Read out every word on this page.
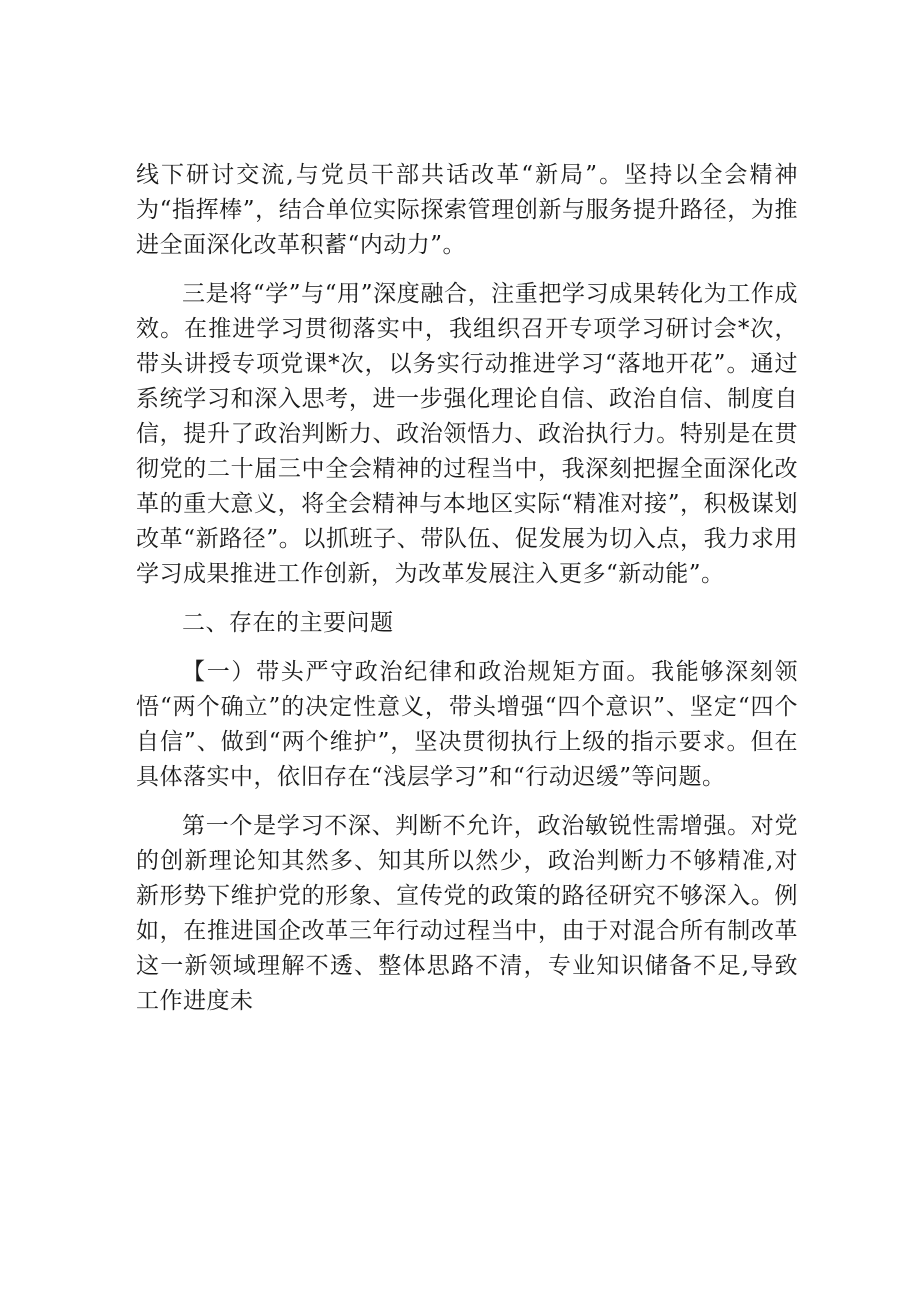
线下研讨交流,与党员干部共话改革“新局”。坚持以全会精神为“指挥棒”，结合单位实际探索管理创新与服务提升路径，为推进全面深化改革积蓄“内动力”。

三是将“学”与“用”深度融合，注重把学习成果转化为工作成效。在推进学习贯彻落实中，我组织召开专项学习研讨会*次，带头讲授专项党课*次，以务实行动推进学习“落地开花”。通过系统学习和深入思考，进一步强化理论自信、政治自信、制度自信，提升了政治判断力、政治领悟力、政治执行力。特别是在贯彻党的二十届三中全会精神的过程当中，我深刻把握全面深化改革的重大意义，将全会精神与本地区实际“精准对接”，积极谋划改革“新路径”。以抓班子、带队伍、促发展为切入点，我力求用学习成果推进工作创新，为改革发展注入更多“新动能”。

二、存在的主要问题

【一）带头严守政治纪律和政治规矩方面。我能够深刻领悟“两个确立”的决定性意义，带头增强“四个意识”、坚定“四个自信”、做到“两个维护”，坚决贯彻执行上级的指示要求。但在具体落实中，依旧存在“浅层学习”和“行动迟缓”等问题。

第一个是学习不深、判断不允许，政治敏锐性需增强。对党的创新理论知其然多、知其所以然少，政治判断力不够精准,对新形势下维护党的形象、宣传党的政策的路径研究不够深入。例如，在推进国企改革三年行动过程当中，由于对混合所有制改革这一新领域理解不透、整体思路不清，专业知识储备不足,导致工作进度未
